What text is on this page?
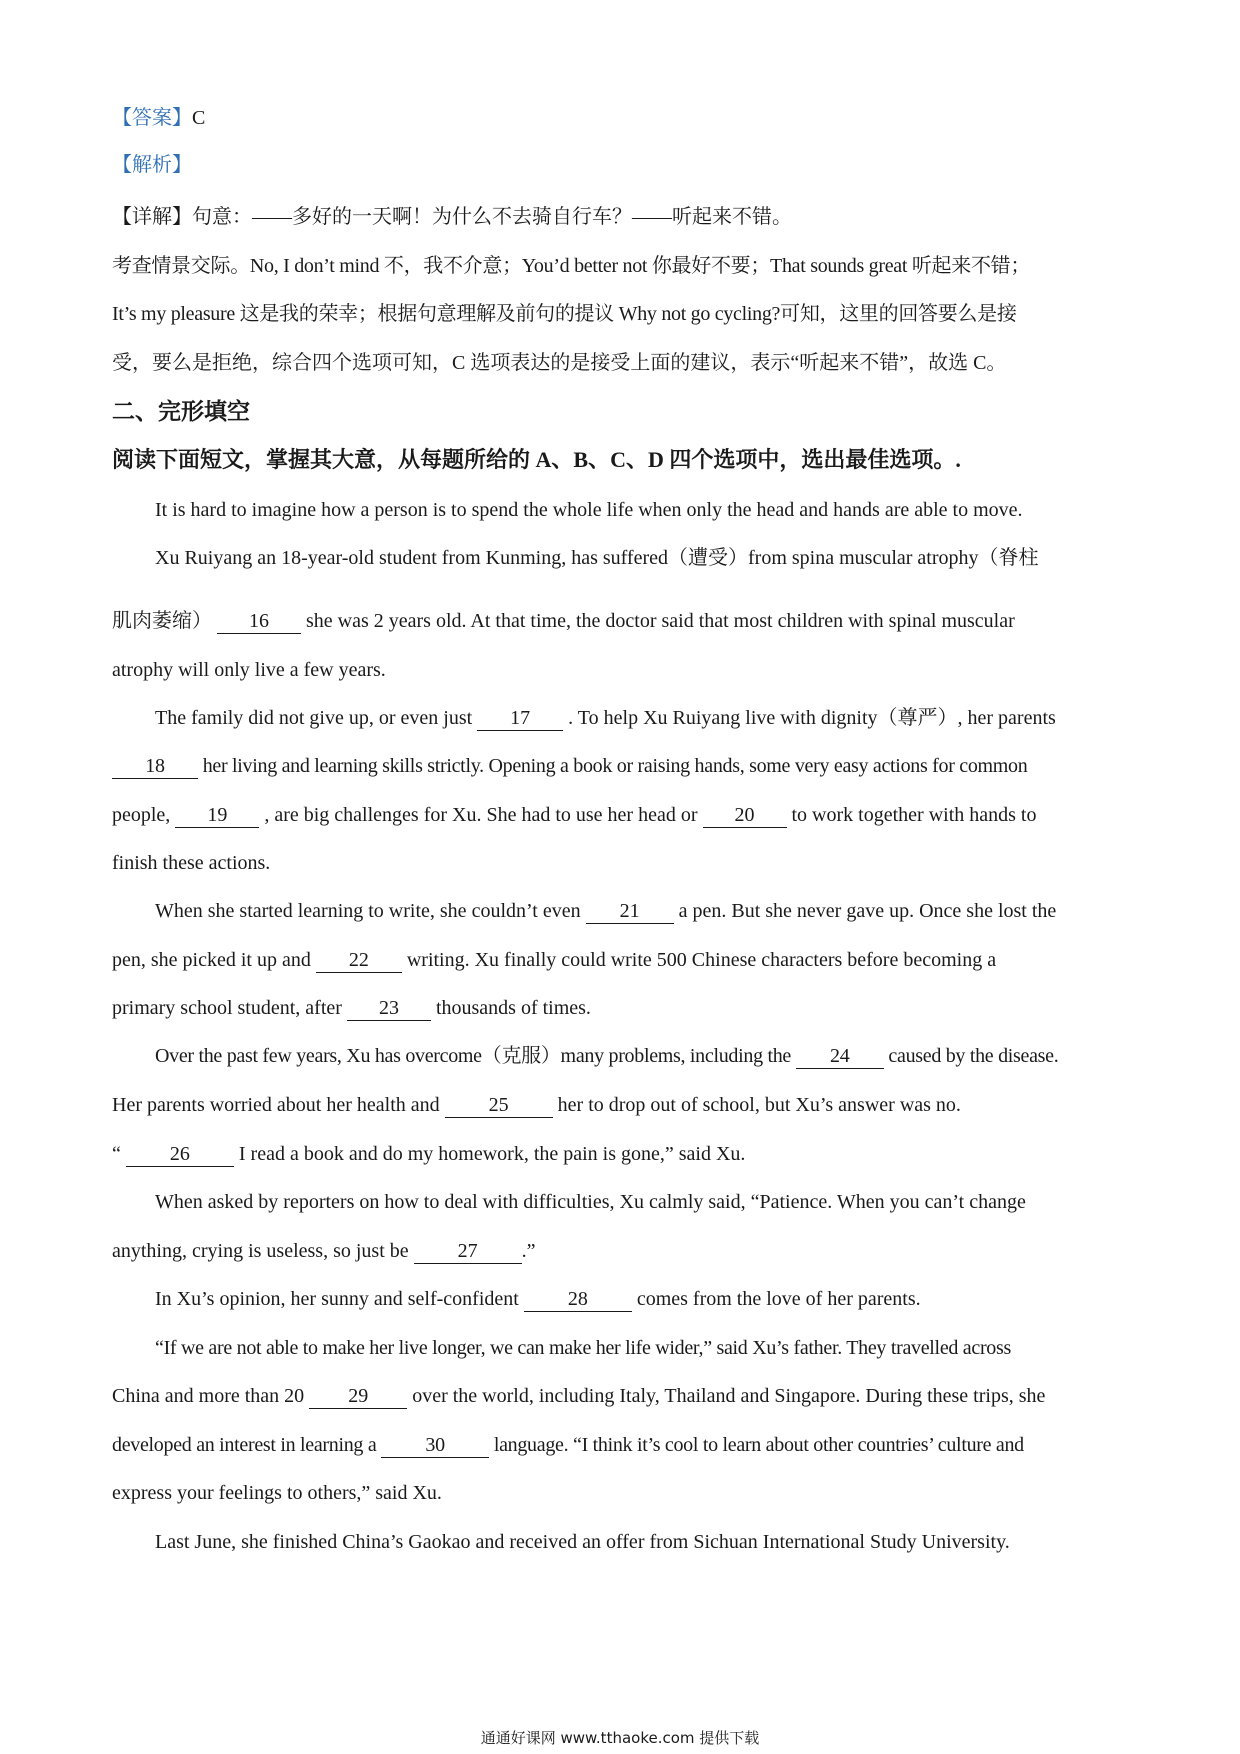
【答案】C

【解析】

【详解】句意：——多好的一天啊！为什么不去骑自行车？——听起来不错。

考查情景交际。No, I don’t mind 不，我不介意；You’d better not 你最好不要；That sounds great 听起来不错；

It’s my pleasure 这是我的荣幸；根据句意理解及前句的提议 Why not go cycling?可知，这里的回答要么是接

受，要么是拒绝，综合四个选项可知，C 选项表达的是接受上面的建议，表示“听起来不错”，故选 C。

二、完形填空

阅读下面短文，掌握其大意，从每题所给的 A、B、C、D 四个选项中，选出最佳选项。.

It is hard to imagine how a person is to spend the whole life when only the head and hands are able to move.

Xu Ruiyang an 18-year-old student from Kunming, has suffered（遭受）from spina muscular atrophy（脊柱

肌肉萎缩） 16 she was 2 years old. At that time, the doctor said that most children with spinal muscular

atrophy will only live a few years.

The family did not give up, or even just 17 . To help Xu Ruiyang live with dignity（尊严）, her parents

18 her living and learning skills strictly. Opening a book or raising hands, some very easy actions for common

people, 19 , are big challenges for Xu. She had to use her head or 20 to work together with hands to

finish these actions.

When she started learning to write, she couldn’t even 21 a pen. But she never gave up. Once she lost the

pen, she picked it up and 22 writing. Xu finally could write 500 Chinese characters before becoming a

primary school student, after 23 thousands of times.

Over the past few years, Xu has overcome（克服）many problems, including the 24 caused by the disease.

Her parents worried about her health and 25 her to drop out of school, but Xu’s answer was no.

“ 26 I read a book and do my homework, the pain is gone,” said Xu.

When asked by reporters on how to deal with difficulties, Xu calmly said, “Patience. When you can’t change

anything, crying is useless, so just be 27 .”

In Xu’s opinion, her sunny and self-confident 28 comes from the love of her parents.

“If we are not able to make her live longer, we can make her life wider,” said Xu’s father. They travelled across

China and more than 20 29 over the world, including Italy, Thailand and Singapore. During these trips, she

developed an interest in learning a 30 language. “I think it’s cool to learn about other countries’ culture and

express your feelings to others,” said Xu.

Last June, she finished China’s Gaokao and received an offer from Sichuan International Study University.

通通好课网 www.tthaoke.com 提供下载
